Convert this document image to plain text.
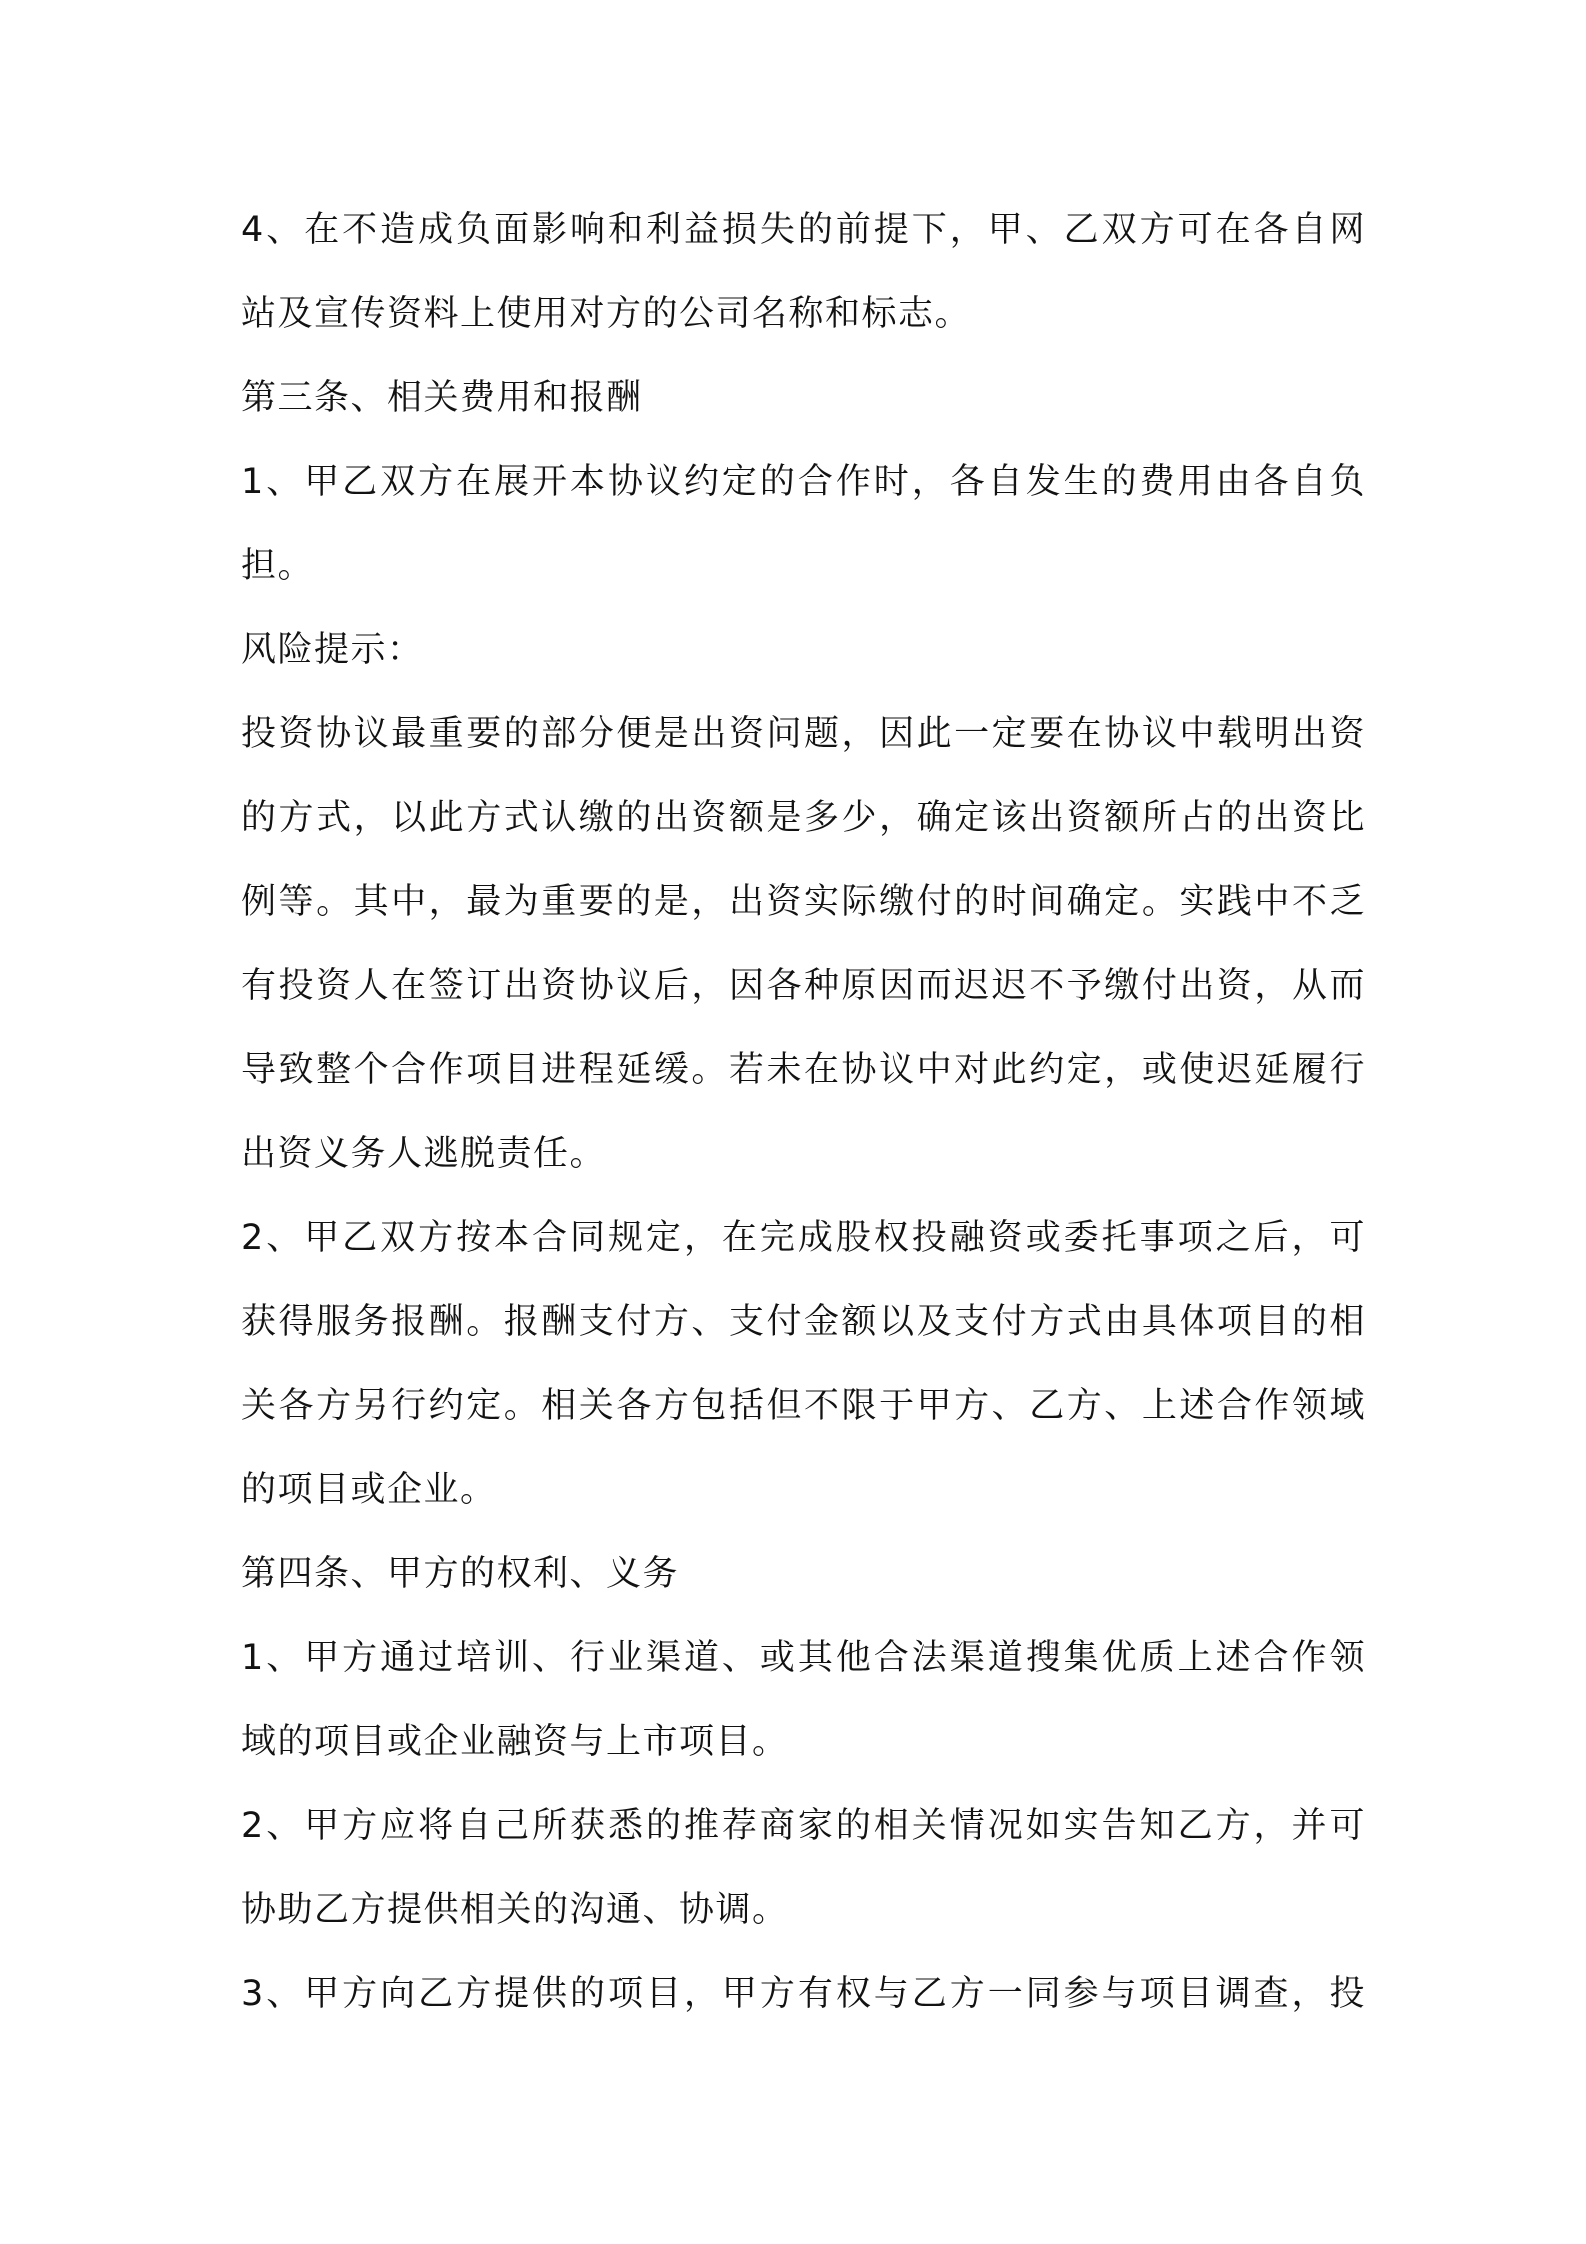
4、在不造成负面影响和利益损失的前提下，甲、乙双方可在各自网
站及宣传资料上使用对方的公司名称和标志。
第三条、相关费用和报酬
1、甲乙双方在展开本协议约定的合作时，各自发生的费用由各自负
担。
风险提示：
投资协议最重要的部分便是出资问题，因此一定要在协议中载明出资
的方式，以此方式认缴的出资额是多少，确定该出资额所占的出资比
例等。其中，最为重要的是，出资实际缴付的时间确定。实践中不乏
有投资人在签订出资协议后，因各种原因而迟迟不予缴付出资，从而
导致整个合作项目进程延缓。若未在协议中对此约定，或使迟延履行
出资义务人逃脱责任。
2、甲乙双方按本合同规定，在完成股权投融资或委托事项之后，可
获得服务报酬。报酬支付方、支付金额以及支付方式由具体项目的相
关各方另行约定。相关各方包括但不限于甲方、乙方、上述合作领域
的项目或企业。
第四条、甲方的权利、义务
1、甲方通过培训、行业渠道、或其他合法渠道搜集优质上述合作领
域的项目或企业融资与上市项目。
2、甲方应将自己所获悉的推荐商家的相关情况如实告知乙方，并可
协助乙方提供相关的沟通、协调。
3、甲方向乙方提供的项目，甲方有权与乙方一同参与项目调查，投
